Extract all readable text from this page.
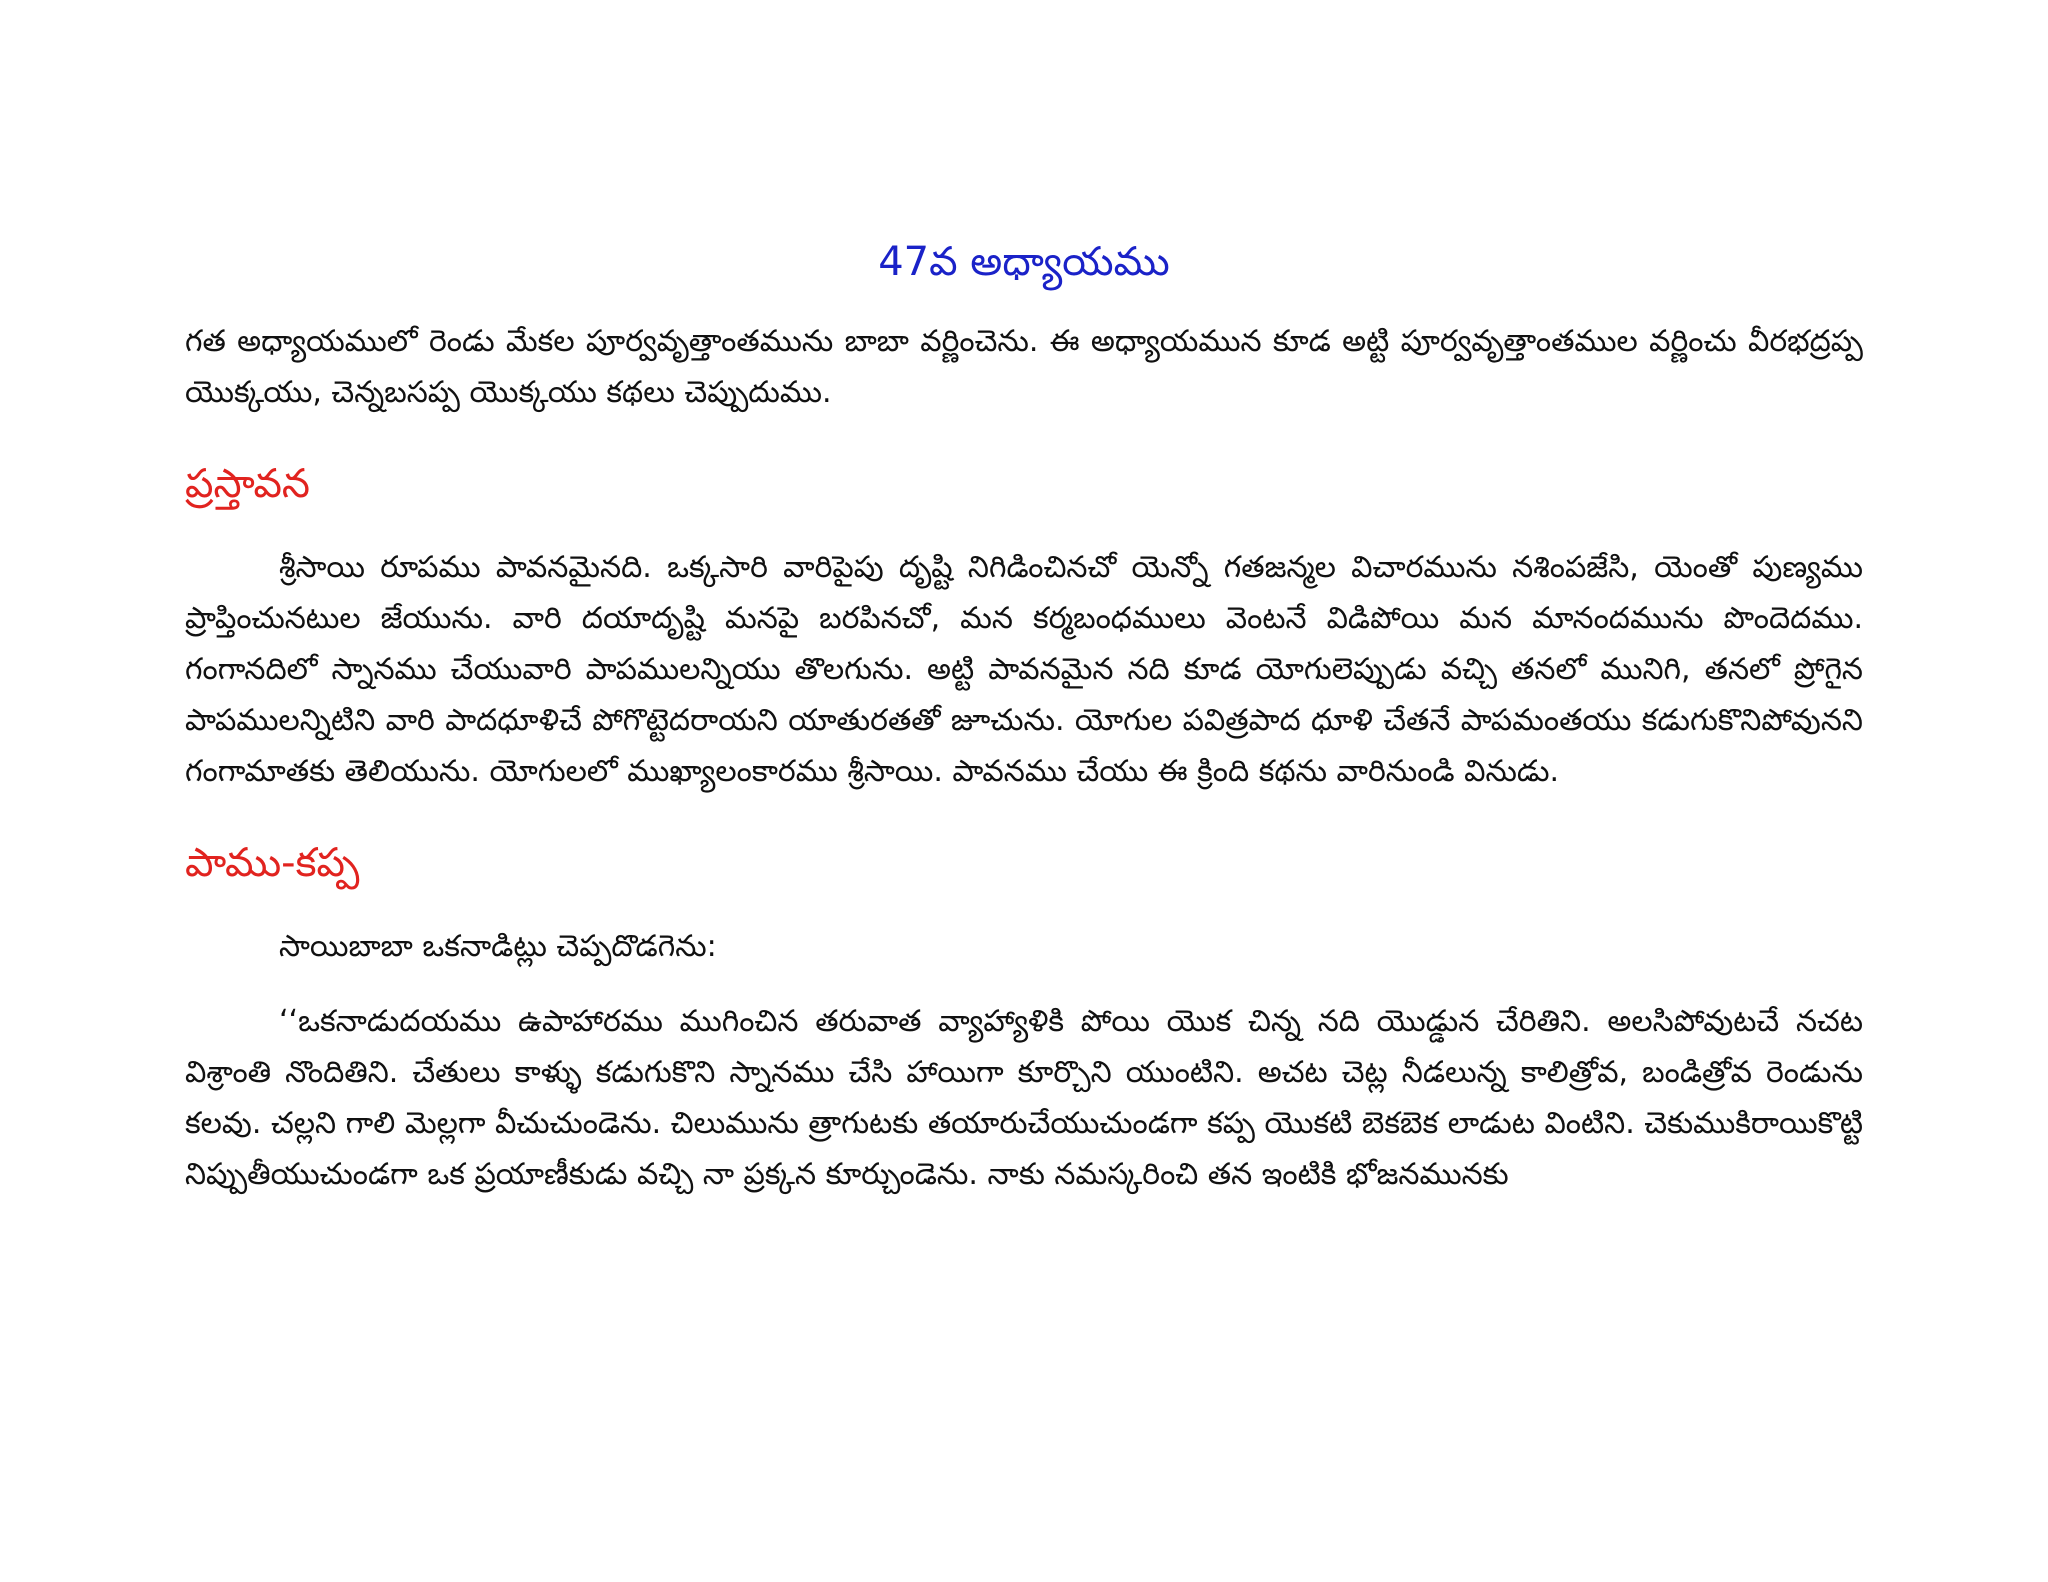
47వ అధ్యాయము

గత అధ్యాయములో రెండు మేకల పూర్వవృత్తాంతమును బాబా వర్ణించెను. ఈ అధ్యాయమున కూడ అట్టి పూర్వవృత్తాంతముల వర్ణించు వీరభద్రప్ప యొక్కయు, చెన్నబసప్ప యొక్కయు కథలు చెప్పుదుము.

ప్రస్తావన

శ్రీసాయి రూపము పావనమైనది. ఒక్కసారి వారిపైపు దృష్టి నిగిడించినచో యెన్నో గతజన్మల విచారమును నశింపజేసి, యెంతో పుణ్యము ప్రాప్తించునటుల జేయును. వారి దయాదృష్టి మనపై బరపినచో, మన కర్మబంధములు వెంటనే విడిపోయి మన మానందమును పొందెదము. గంగానదిలో స్నానము చేయువారి పాపములన్నియు తొలగును. అట్టి పావనమైన నది కూడ యోగులెప్పుడు వచ్చి తనలో మునిగి, తనలో ప్రోగైన పాపములన్నిటిని వారి పాదధూళిచే పోగొట్టెదరాయని యాతురతతో జూచును. యోగుల పవిత్రపాద ధూళి చేతనే పాపమంతయు కడుగుకొనిపోవునని గంగామాతకు తెలియును. యోగులలో ముఖ్యాలంకారము శ్రీసాయి. పావనము చేయు ఈ క్రింది కథను వారినుండి వినుడు.

పాము-కప్ప

సాయిబాబా ఒకనాడిట్లు చెప్పదొడగెను:

‘‘ఒకనాడుదయము ఉపాహారము ముగించిన తరువాత వ్యాహ్యాళికి పోయి యొక చిన్న నది యొడ్డున చేరితిని. అలసిపోవుటచే నచట విశ్రాంతి నొందితిని. చేతులు కాళ్ళు కడుగుకొని స్నానము చేసి హాయిగా కూర్చొని యుంటిని. అచట చెట్ల నీడలున్న కాలిత్రోవ, బండిత్రోవ రెండును కలవు. చల్లని గాలి మెల్లగా వీచుచుండెను. చిలుమును త్రాగుటకు తయారుచేయుచుండగా కప్ప యొకటి బెకబెక లాడుట వింటిని. చెకుముకిరాయికొట్టి నిప్పుతీయుచుండగా ఒక ప్రయాణీకుడు వచ్చి నా ప్రక్కన కూర్చుండెను. నాకు నమస్కరించి తన ఇంటికి భోజనమునకు
